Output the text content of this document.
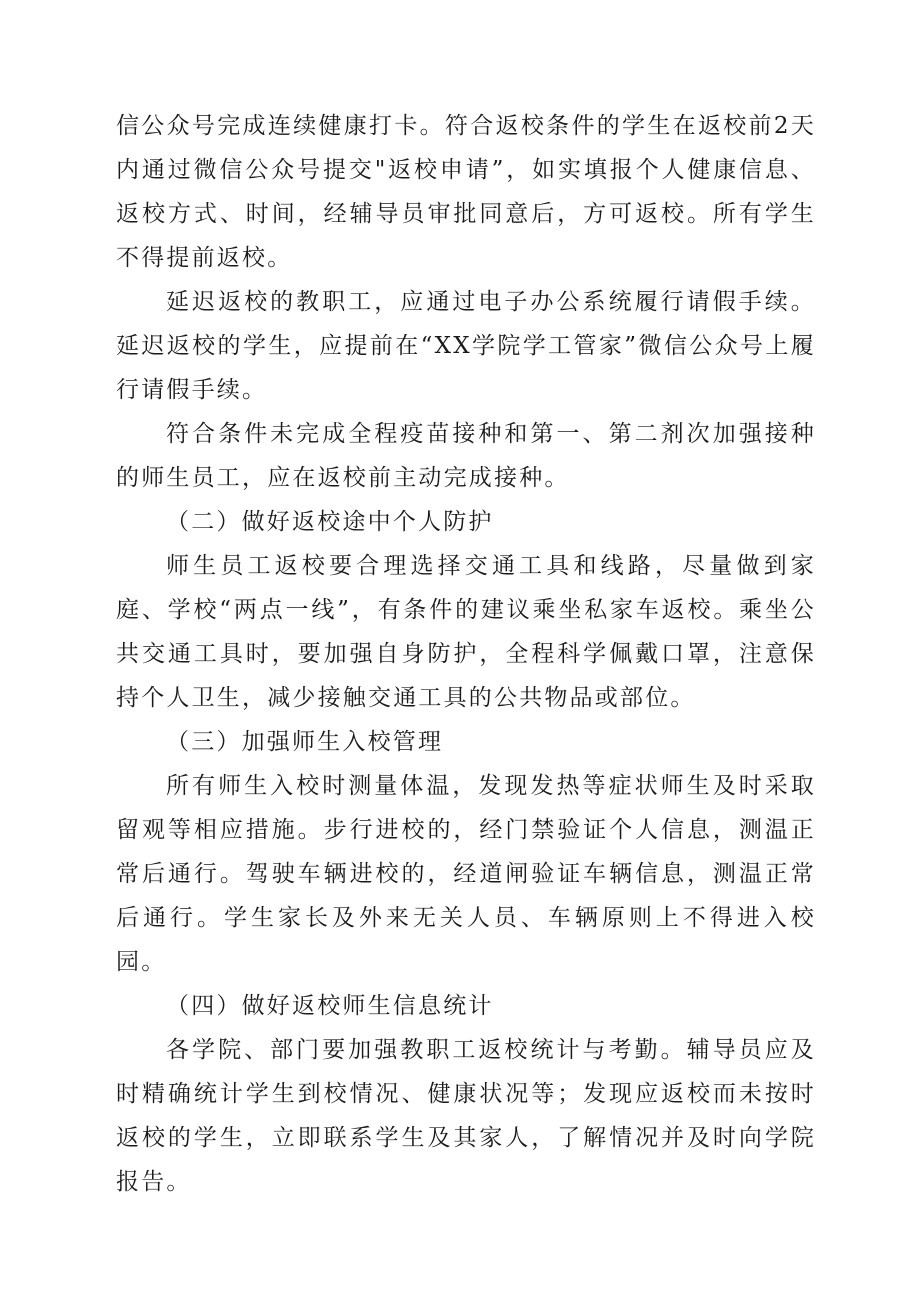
信公众号完成连续健康打卡。符合返校条件的学生在返校前2天内通过微信公众号提交"返校申请”，如实填报个人健康信息、返校方式、时间，经辅导员审批同意后，方可返校。所有学生不得提前返校。

延迟返校的教职工，应通过电子办公系统履行请假手续。延迟返校的学生，应提前在“XX学院学工管家”微信公众号上履行请假手续。

符合条件未完成全程疫苗接种和第一、第二剂次加强接种的师生员工，应在返校前主动完成接种。

（二）做好返校途中个人防护

师生员工返校要合理选择交通工具和线路，尽量做到家庭、学校“两点一线”，有条件的建议乘坐私家车返校。乘坐公共交通工具时，要加强自身防护，全程科学佩戴口罩，注意保持个人卫生，减少接触交通工具的公共物品或部位。

（三）加强师生入校管理

所有师生入校时测量体温，发现发热等症状师生及时采取留观等相应措施。步行进校的，经门禁验证个人信息，测温正常后通行。驾驶车辆进校的，经道闸验证车辆信息，测温正常后通行。学生家长及外来无关人员、车辆原则上不得进入校园。

（四）做好返校师生信息统计

各学院、部门要加强教职工返校统计与考勤。辅导员应及时精确统计学生到校情况、健康状况等；发现应返校而未按时返校的学生，立即联系学生及其家人，了解情况并及时向学院报告。
